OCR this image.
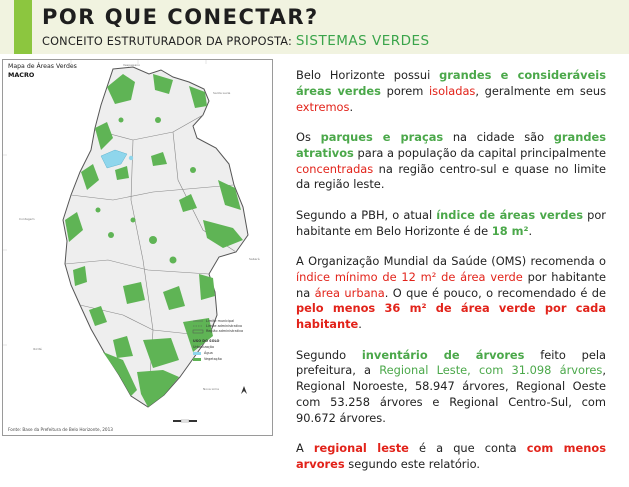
POR QUE CONECTAR?
CONCEITO ESTRUTURADOR DA PROPOSTA: SISTEMAS VERDES
Vespasiano
Santa Luzia
Contagem
Sabará
Ibirité
Nova Lima
Mapa de Áreas Verdes
MACRO
Limite municipal
Limite administrativo
Região administrativa
USO DO SOLO
Urbanização
Água
Vegetação
Fonte: Base da Prefeitura de Belo Horizonte, 2013

Belo Horizonte possui grandes e consideráveis áreas verdes porem isoladas, geralmente em seus extremos.

Os parques e praças na cidade são grandes atrativos para a população da capital principalmente concentradas na região centro-sul e quase no limite da região leste.

Segundo a PBH, o atual índice de áreas verdes por habitante em Belo Horizonte é de 18 m².

A Organização Mundial da Saúde (OMS) recomenda o índice mínimo de 12 m² de área verde por habitante na área urbana. O que é pouco, o recomendado é de pelo menos 36 m² de área verde por cada habitante.

Segundo inventário de árvores feito pela prefeitura, a Regional Leste, com 31.098 árvores, Regional Noroeste, 58.947 árvores, Regional Oeste com 53.258 árvores e Regional Centro-Sul, com 90.672 árvores.

A regional leste é a que conta com menos arvores segundo este relatório.
